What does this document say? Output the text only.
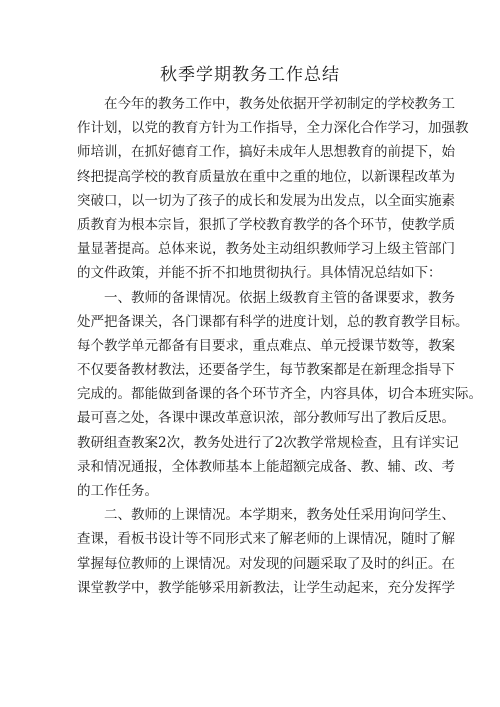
秋季学期教务工作总结
在今年的教务工作中，教务处依据开学初制定的学校教务工
作计划，以党的教育方针为工作指导，全力深化合作学习，加强教
师培训，在抓好德育工作，搞好未成年人思想教育的前提下，始
终把提高学校的教育质量放在重中之重的地位，以新课程改革为
突破口，以一切为了孩子的成长和发展为出发点，以全面实施素
质教育为根本宗旨，狠抓了学校教育教学的各个环节，使教学质
量显著提高。总体来说，教务处主动组织教师学习上级主管部门
的文件政策，并能不折不扣地贯彻执行。具体情况总结如下：
一、教师的备课情况。依据上级教育主管的备课要求，教务
处严把备课关，各门课都有科学的进度计划，总的教育教学目标。
每个教学单元都备有目要求，重点难点、单元授课节数等，教案
不仅要备教材教法，还要备学生，每节教案都是在新理念指导下
完成的。都能做到备课的各个环节齐全，内容具体，切合本班实际。
最可喜之处，各课中课改革意识浓，部分教师写出了教后反思。
教研组查教案2次，教务处进行了2次教学常规检查，且有详实记
录和情况通报，全体教师基本上能超额完成备、教、辅、改、考
的工作任务。
二、教师的上课情况。本学期来，教务处任采用询问学生、
查课，看板书设计等不同形式来了解老师的上课情况，随时了解
掌握每位教师的上课情况。对发现的问题采取了及时的纠正。在
课堂教学中，教学能够采用新教法，让学生动起来，充分发挥学
